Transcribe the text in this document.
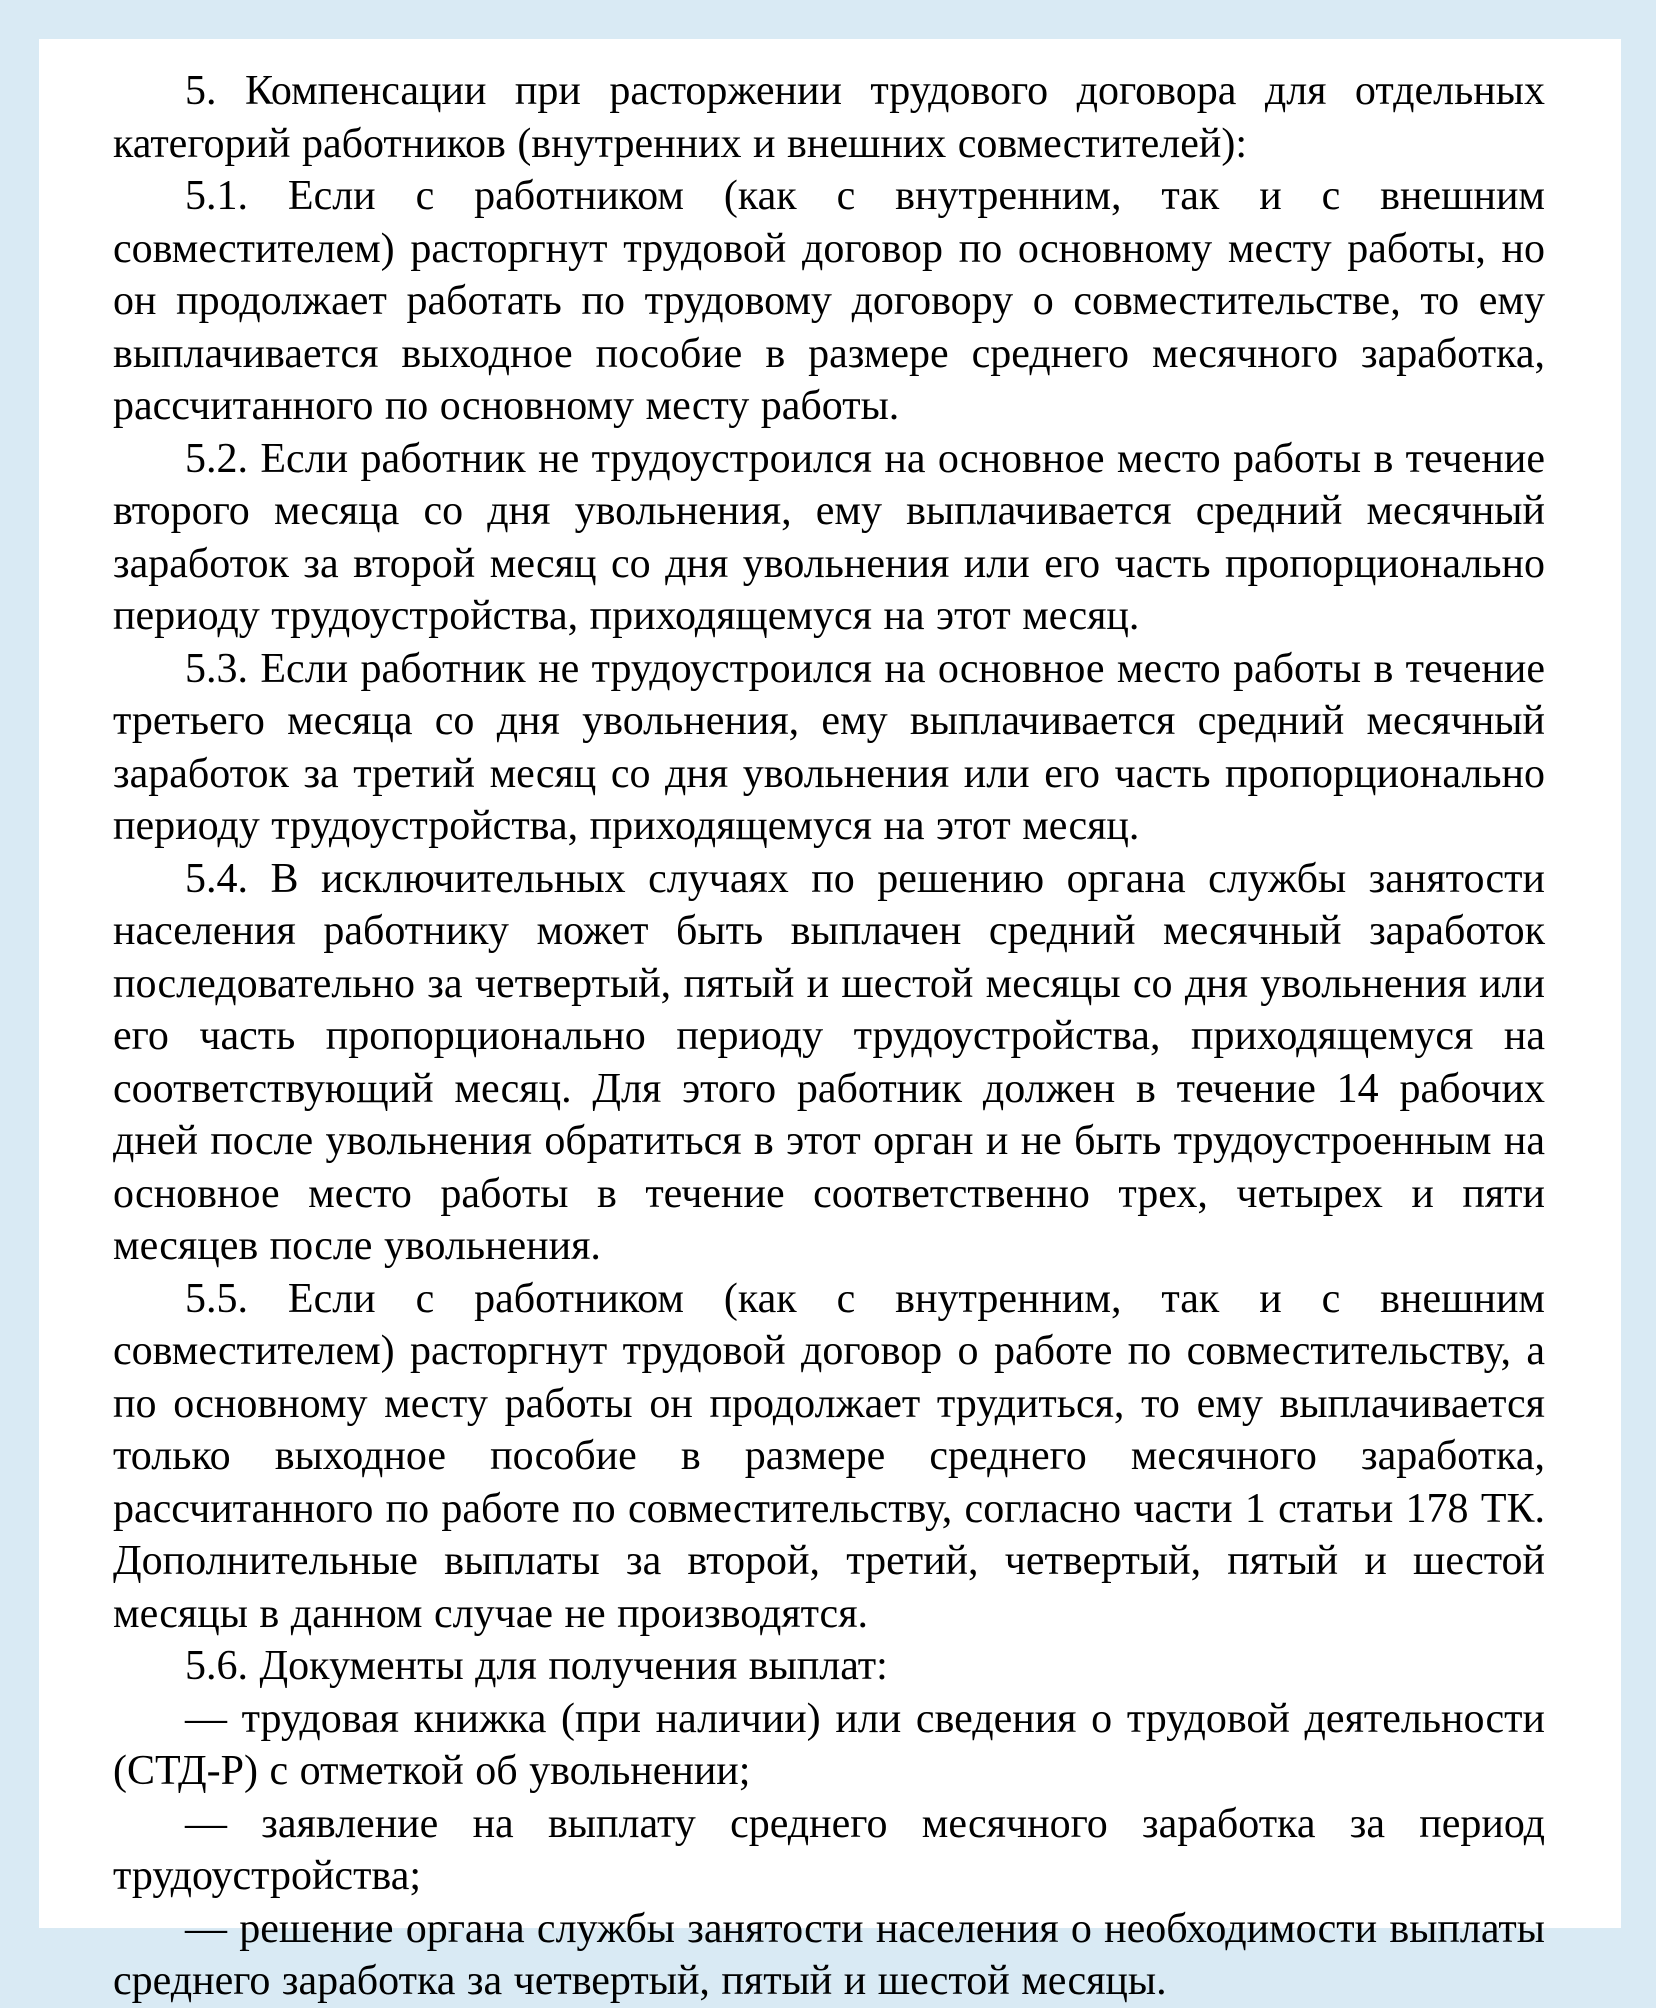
5. Компенсации при расторжении трудового договора для отдельных категорий работников (внутренних и внешних совместителей):

5.1. Если с работником (как с внутренним, так и с внешним совместителем) расторгнут трудовой договор по основному месту работы, но он продолжает работать по трудовому договору о совместительстве, то ему выплачивается выходное пособие в размере среднего месячного заработка, рассчитанного по основному месту работы.

5.2. Если работник не трудоустроился на основное место работы в течение второго месяца со дня увольнения, ему выплачивается средний месячный заработок за второй месяц со дня увольнения или его часть пропорционально периоду трудоустройства, приходящемуся на этот месяц.

5.3. Если работник не трудоустроился на основное место работы в течение третьего месяца со дня увольнения, ему выплачивается средний месячный заработок за третий месяц со дня увольнения или его часть пропорционально периоду трудоустройства, приходящемуся на этот месяц.

5.4. В исключительных случаях по решению органа службы занятости населения работнику может быть выплачен средний месячный заработок последовательно за четвертый, пятый и шестой месяцы со дня увольнения или его часть пропорционально периоду трудоустройства, приходящемуся на соответствующий месяц. Для этого работник должен в течение 14 рабочих дней после увольнения обратиться в этот орган и не быть трудоустроенным на основное место работы в течение соответственно трех, четырех и пяти месяцев после увольнения.

5.5. Если с работником (как с внутренним, так и с внешним совместителем) расторгнут трудовой договор о работе по совместительству, а по основному месту работы он продолжает трудиться, то ему выплачивается только выходное пособие в размере среднего месячного заработка, рассчитанного по работе по совместительству, согласно части 1 статьи 178 ТК. Дополнительные выплаты за второй, третий, четвертый, пятый и шестой месяцы в данном случае не производятся.

5.6. Документы для получения выплат:

— трудовая книжка (при наличии) или сведения о трудовой деятельности (СТД-Р) с отметкой об увольнении;

— заявление на выплату среднего месячного заработка за период трудоустройства;

— решение органа службы занятости населения о необходимости выплаты среднего заработка за четвертый, пятый и шестой месяцы.
